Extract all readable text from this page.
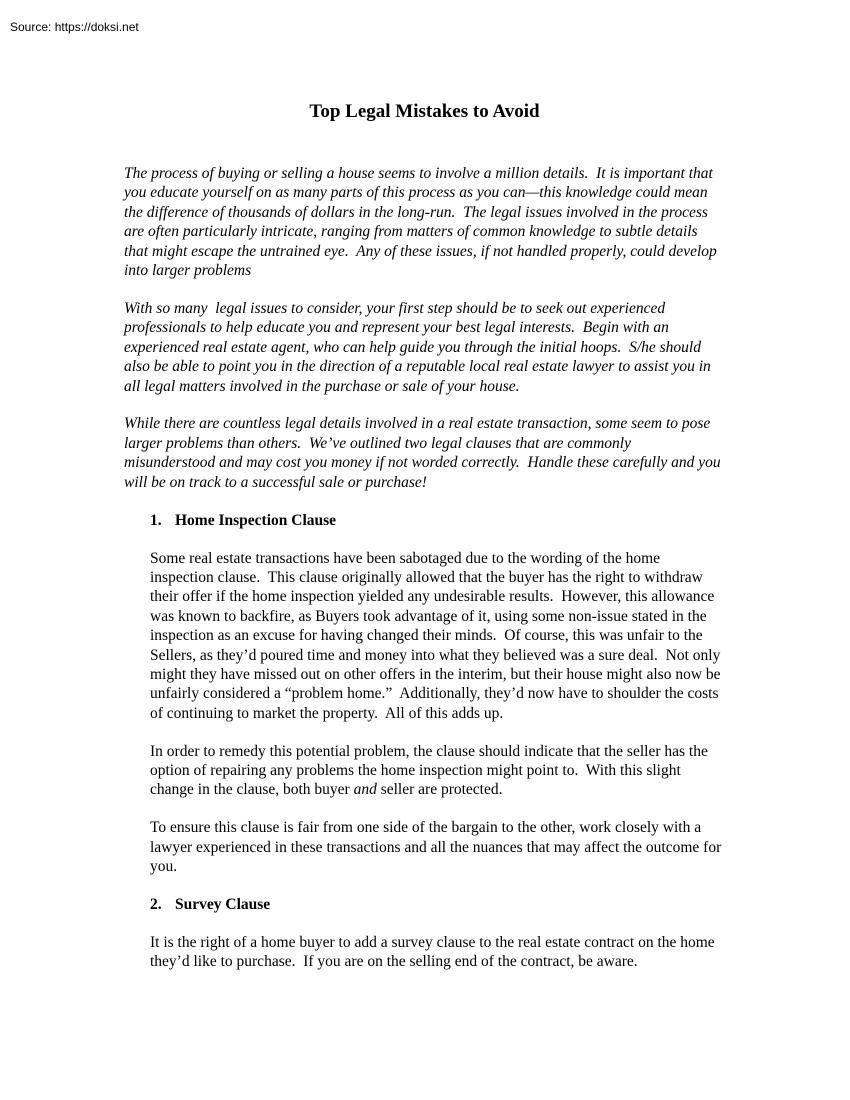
Source: https://doksi.net
Top Legal Mistakes to Avoid

The process of buying or selling a house seems to involve a million details.  It is important that you educate yourself on as many parts of this process as you can—this knowledge could mean the difference of thousands of dollars in the long-run.  The legal issues involved in the process are often particularly intricate, ranging from matters of common knowledge to subtle details that might escape the untrained eye.  Any of these issues, if not handled properly, could develop into larger problems

With so many  legal issues to consider, your first step should be to seek out experienced professionals to help educate you and represent your best legal interests.  Begin with an experienced real estate agent, who can help guide you through the initial hoops.  S/he should also be able to point you in the direction of a reputable local real estate lawyer to assist you in all legal matters involved in the purchase or sale of your house.

While there are countless legal details involved in a real estate transaction, some seem to pose larger problems than others.  We’ve outlined two legal clauses that are commonly misunderstood and may cost you money if not worded correctly.  Handle these carefully and you will be on track to a successful sale or purchase!

1. Home Inspection Clause

Some real estate transactions have been sabotaged due to the wording of the home inspection clause.  This clause originally allowed that the buyer has the right to withdraw their offer if the home inspection yielded any undesirable results.  However, this allowance was known to backfire, as Buyers took advantage of it, using some non-issue stated in the inspection as an excuse for having changed their minds.  Of course, this was unfair to the Sellers, as they’d poured time and money into what they believed was a sure deal.  Not only might they have missed out on other offers in the interim, but their house might also now be unfairly considered a “problem home.”  Additionally, they’d now have to shoulder the costs of continuing to market the property.  All of this adds up.

In order to remedy this potential problem, the clause should indicate that the seller has the option of repairing any problems the home inspection might point to.  With this slight change in the clause, both buyer and seller are protected.

To ensure this clause is fair from one side of the bargain to the other, work closely with a lawyer experienced in these transactions and all the nuances that may affect the outcome for you.

2. Survey Clause

It is the right of a home buyer to add a survey clause to the real estate contract on the home they’d like to purchase.  If you are on the selling end of the contract, be aware.
